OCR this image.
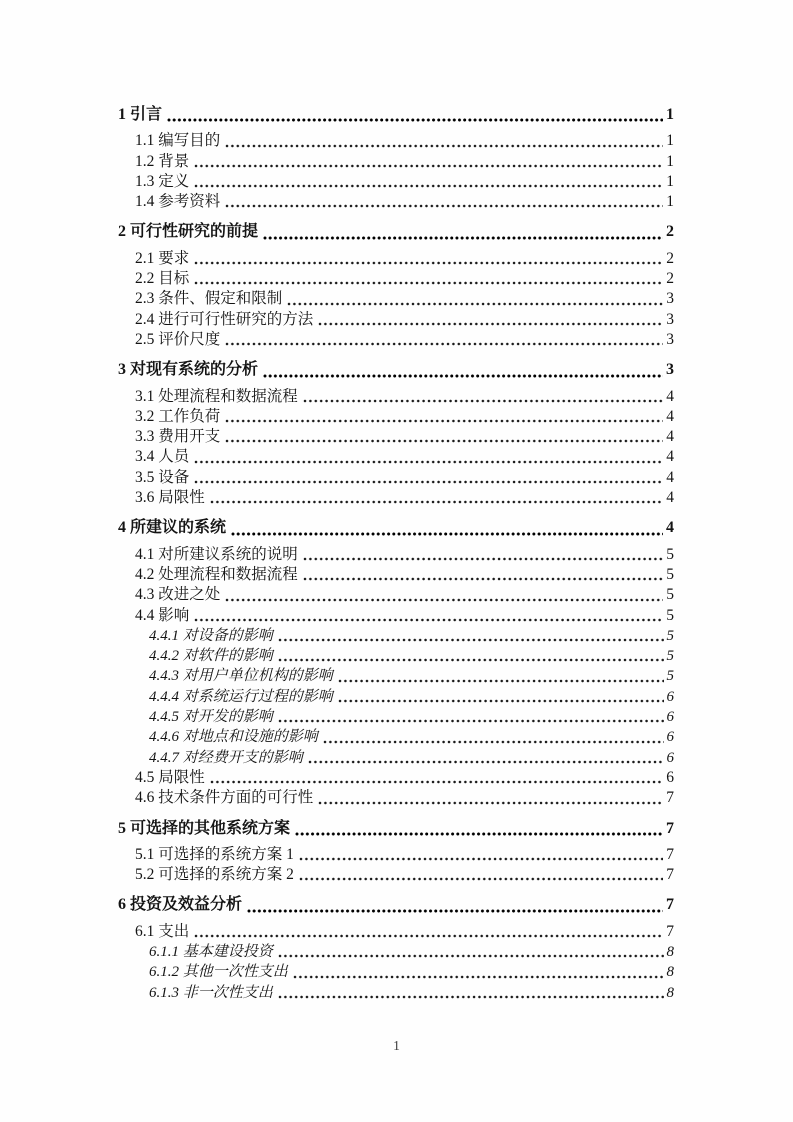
1 引言	1
1.1 编写目的	1
1.2 背景	1
1.3 定义	1
1.4 参考资料	1
2 可行性研究的前提	2
2.1 要求	2
2.2 目标	2
2.3 条件、假定和限制	3
2.4 进行可行性研究的方法	3
2.5 评价尺度	3
3 对现有系统的分析	3
3.1 处理流程和数据流程	4
3.2 工作负荷	4
3.3 费用开支	4
3.4 人员	4
3.5 设备	4
3.6 局限性	4
4 所建议的系统	4
4.1 对所建议系统的说明	5
4.2 处理流程和数据流程	5
4.3 改进之处	5
4.4 影响	5
4.4.1 对设备的影响	5
4.4.2 对软件的影响	5
4.4.3 对用户单位机构的影响	5
4.4.4 对系统运行过程的影响	6
4.4.5 对开发的影响	6
4.4.6 对地点和设施的影响	6
4.4.7 对经费开支的影响	6
4.5 局限性	6
4.6 技术条件方面的可行性	7
5 可选择的其他系统方案	7
5.1 可选择的系统方案 1	7
5.2 可选择的系统方案 2	7
6 投资及效益分析	7
6.1 支出	7
6.1.1 基本建设投资	8
6.1.2 其他一次性支出	8
6.1.3 非一次性支出	8
1
